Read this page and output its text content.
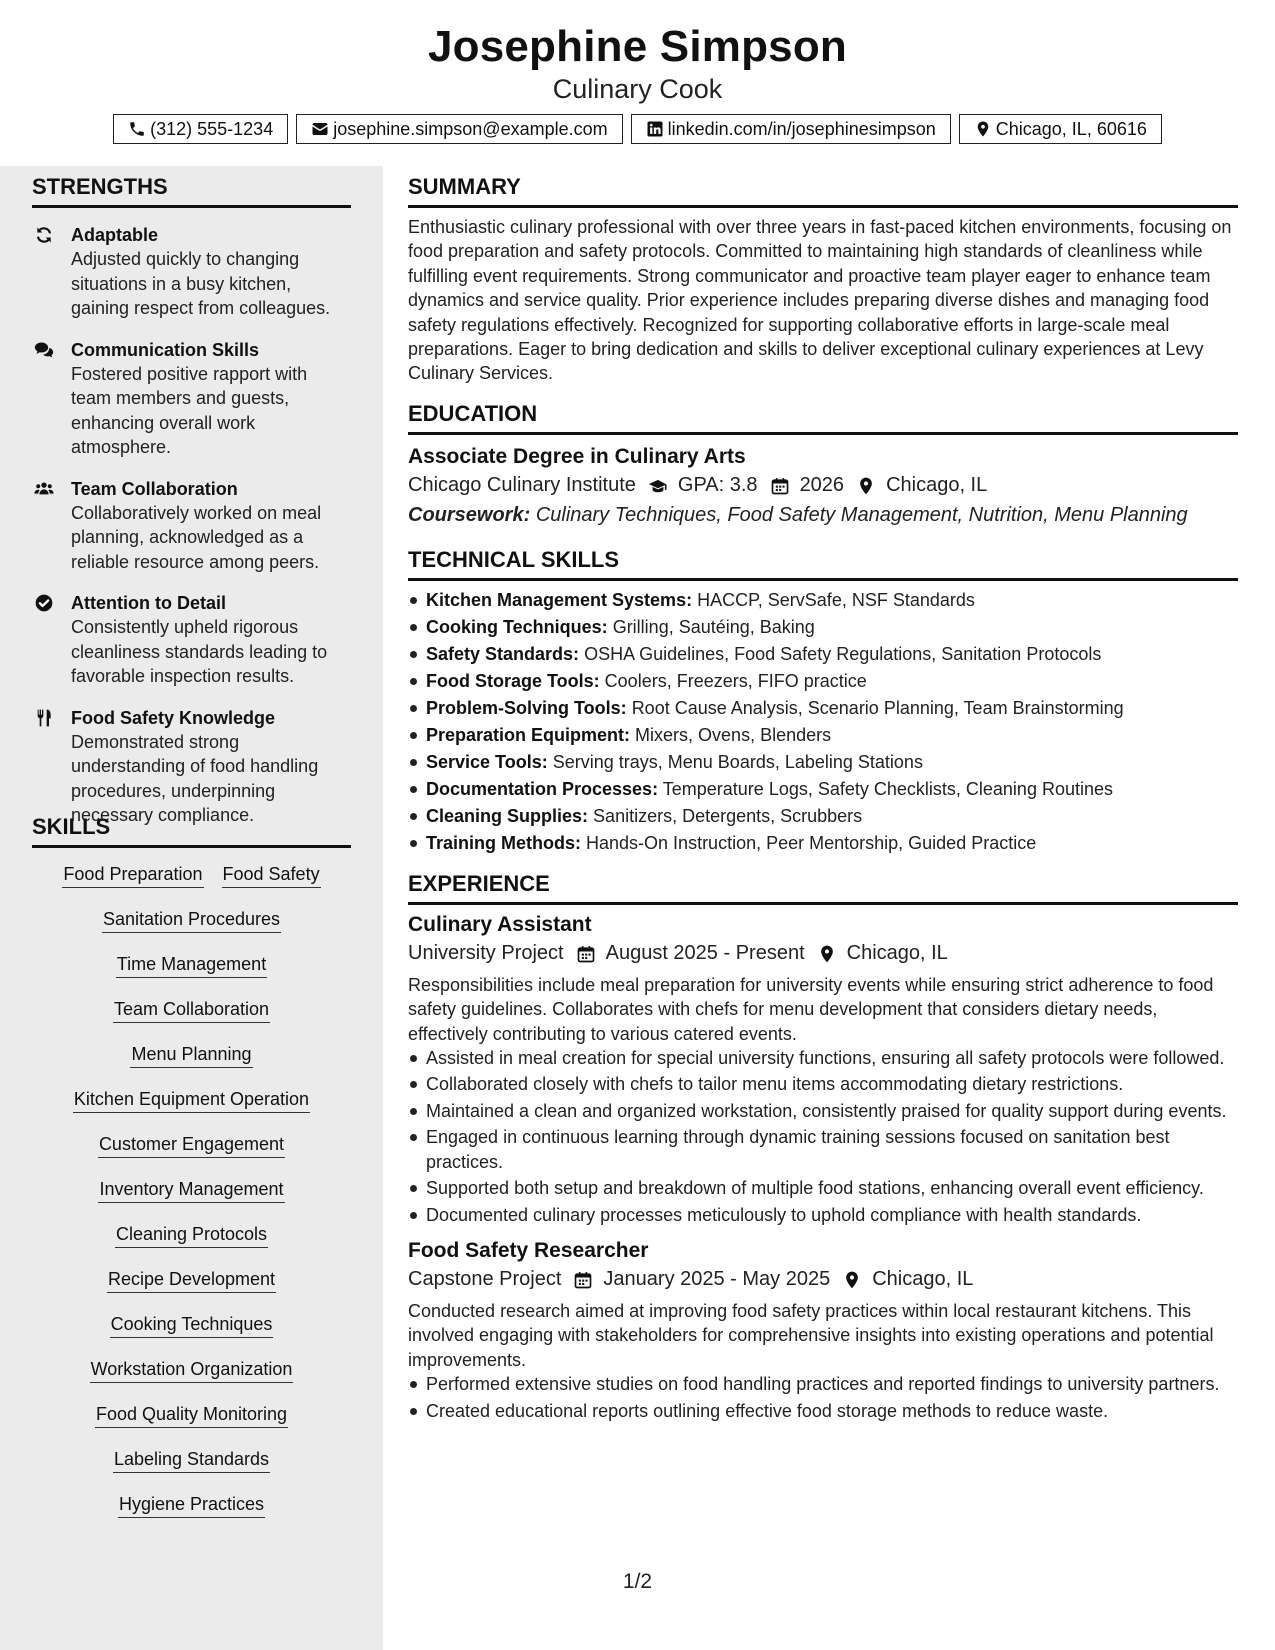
Josephine Simpson
Culinary Cook
(312) 555-1234	josephine.simpson@example.com	linkedin.com/in/josephinesimpson	Chicago, IL, 60616
STRENGTHS
Adaptable
Adjusted quickly to changing situations in a busy kitchen, gaining respect from colleagues.
Communication Skills
Fostered positive rapport with team members and guests, enhancing overall work atmosphere.
Team Collaboration
Collaboratively worked on meal planning, acknowledged as a reliable resource among peers.
Attention to Detail
Consistently upheld rigorous cleanliness standards leading to favorable inspection results.
Food Safety Knowledge
Demonstrated strong understanding of food handling procedures, underpinning necessary compliance.
SKILLS
Food Preparation Food Safety
Sanitation Procedures
Time Management
Team Collaboration
Menu Planning
Kitchen Equipment Operation
Customer Engagement
Inventory Management
Cleaning Protocols
Recipe Development
Cooking Techniques
Workstation Organization
Food Quality Monitoring
Labeling Standards
Hygiene Practices
SUMMARY

Enthusiastic culinary professional with over three years in fast-paced kitchen environments, focusing on food preparation and safety protocols. Committed to maintaining high standards of cleanliness while fulfilling event requirements. Strong communicator and proactive team player eager to enhance team dynamics and service quality. Prior experience includes preparing diverse dishes and managing food safety regulations effectively. Recognized for supporting collaborative efforts in large-scale meal preparations. Eager to bring dedication and skills to deliver exceptional culinary experiences at Levy Culinary Services.

EDUCATION
Associate Degree in Culinary Arts
Chicago Culinary Institute GPA: 3.8 2026 Chicago, IL
Coursework: Culinary Techniques, Food Safety Management, Nutrition, Menu Planning
TECHNICAL SKILLS
Kitchen Management Systems: HACCP, ServSafe, NSF Standards
Cooking Techniques: Grilling, Sautéing, Baking
Safety Standards: OSHA Guidelines, Food Safety Regulations, Sanitation Protocols
Food Storage Tools: Coolers, Freezers, FIFO practice
Problem-Solving Tools: Root Cause Analysis, Scenario Planning, Team Brainstorming
Preparation Equipment: Mixers, Ovens, Blenders
Service Tools: Serving trays, Menu Boards, Labeling Stations
Documentation Processes: Temperature Logs, Safety Checklists, Cleaning Routines
Cleaning Supplies: Sanitizers, Detergents, Scrubbers
Training Methods: Hands-On Instruction, Peer Mentorship, Guided Practice
EXPERIENCE
Culinary Assistant
University Project August 2025 - Present Chicago, IL

Responsibilities include meal preparation for university events while ensuring strict adherence to food safety guidelines. Collaborates with chefs for menu development that considers dietary needs, effectively contributing to various catered events.

Assisted in meal creation for special university functions, ensuring all safety protocols were followed.
Collaborated closely with chefs to tailor menu items accommodating dietary restrictions.
Maintained a clean and organized workstation, consistently praised for quality support during events.
Engaged in continuous learning through dynamic training sessions focused on sanitation best practices.
Supported both setup and breakdown of multiple food stations, enhancing overall event efficiency.
Documented culinary processes meticulously to uphold compliance with health standards.
Food Safety Researcher
Capstone Project January 2025 - May 2025 Chicago, IL

Conducted research aimed at improving food safety practices within local restaurant kitchens. This involved engaging with stakeholders for comprehensive insights into existing operations and potential improvements.

Performed extensive studies on food handling practices and reported findings to university partners.
Created educational reports outlining effective food storage methods to reduce waste.
1/2
